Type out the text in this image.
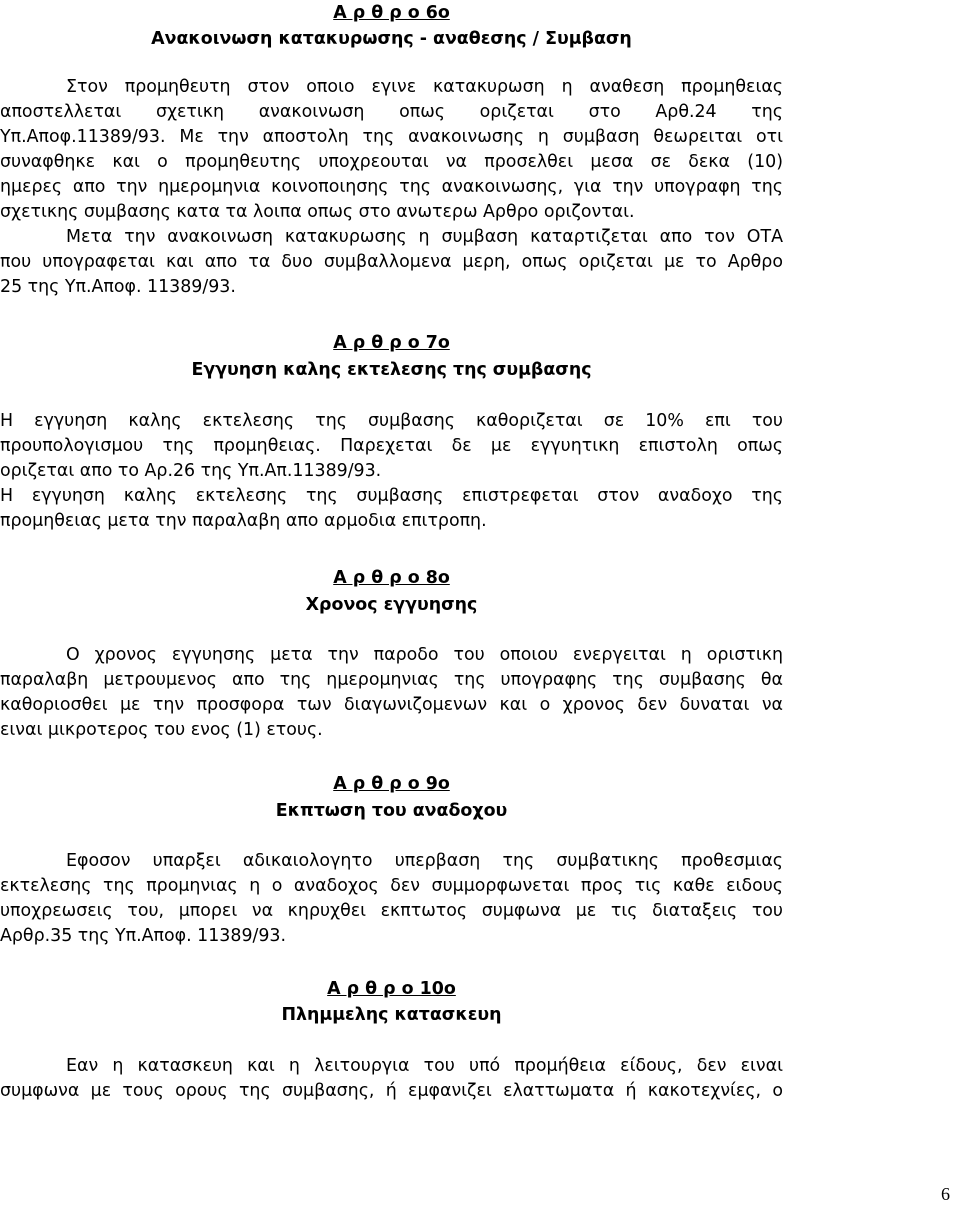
Α ρ θ ρ ο 6ο
Ανακοινωση κατακυρωσης - αναθεσης / Συμβαση
Στον προμηθευτη στον οποιο εγινε κατακυρωση η αναθεση προμηθειας
αποστελλεται σχετικη ανακοινωση οπως οριζεται στο Αρθ.24 της
Υπ.Αποφ.11389/93. Με την αποστολη της ανακοινωσης η συμβαση θεωρειται οτι
συναφθηκε και ο προμηθευτης υποχρεουται να προσελθει μεσα σε δεκα (10)
ημερες απο την ημερομηνια κοινοποιησης της ανακοινωσης, για την υπογραφη της
σχετικης συμβασης κατα τα λοιπα οπως στο ανωτερω Αρθρο οριζονται.
Μετα την ανακοινωση κατακυρωσης η συμβαση καταρτιζεται απο τον ΟΤΑ
που υπογραφεται και απο τα δυο συμβαλλομενα μερη, οπως οριζεται με το Αρθρο
25 της Υπ.Αποφ. 11389/93.
Α ρ θ ρ ο 7ο
Εγγυηση καλης εκτελεσης της συμβασης
Η εγγυηση καλης εκτελεσης της συμβασης καθοριζεται σε 10% επι του
προυπολογισμου της προμηθειας. Παρεχεται δε με εγγυητικη επιστολη οπως
οριζεται απο το Αρ.26 της Υπ.Απ.11389/93.
Η εγγυηση καλης εκτελεσης της συμβασης επιστρεφεται στον αναδοχο της
προμηθειας μετα την παραλαβη απο αρμοδια επιτροπη.
Α ρ θ ρ ο 8ο
Χρονος εγγυησης
Ο χρονος εγγυησης μετα την παροδο του οποιου ενεργειται η οριστικη
παραλαβη μετρουμενος απο της ημερομηνιας της υπογραφης της συμβασης θα
καθοριοσθει με την προσφορα των διαγωνιζομενων και ο χρονος δεν δυναται να
ειναι μικροτερος του ενος (1) ετους.
Α ρ θ ρ ο 9ο
Εκπτωση του αναδοχου
Εφοσον υπαρξει αδικαιολογητο υπερβαση της συμβατικης προθεσμιας
εκτελεσης της προμηνιας η ο αναδοχος δεν συμμορφωνεται προς τις καθε ειδους
υποχρεωσεις του, μπορει να κηρυχθει εκπτωτος συμφωνα με τις διαταξεις του
Αρθρ.35 της Υπ.Αποφ. 11389/93.
Α ρ θ ρ ο 10ο
Πλημμελης κατασκευη
Εαν η κατασκευη και η λειτουργια του υπό προμήθεια είδους, δεν ειναι
συμφωνα με τους ορους της συμβασης, ή εμφανιζει ελαττωματα ή κακοτεχνίες, ο
6
